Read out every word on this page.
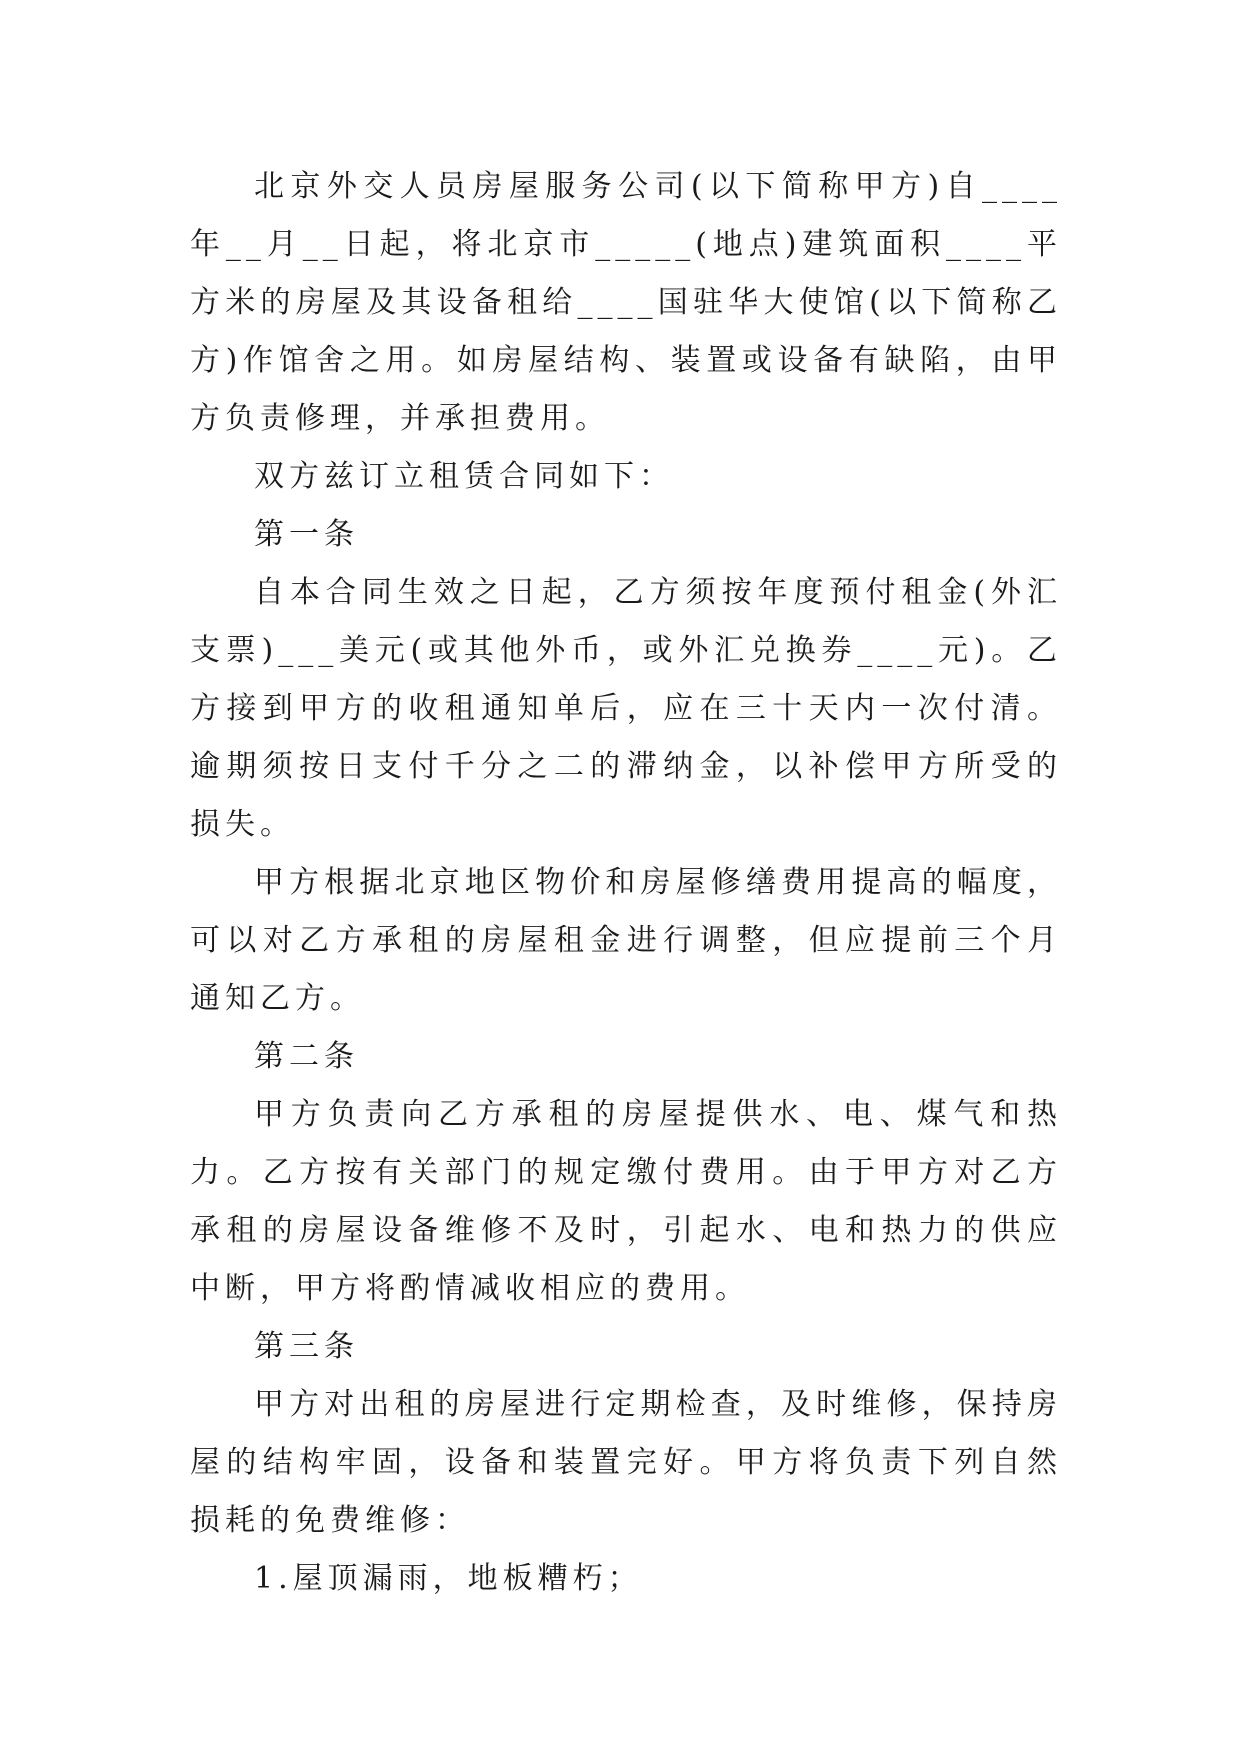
北京外交人员房屋服务公司(以下简称甲方)自____年__月__日起，将北京市_____(地点)建筑面积____平方米的房屋及其设备租给____国驻华大使馆(以下简称乙方)作馆舍之用。如房屋结构、装置或设备有缺陷，由甲方负责修理，并承担费用。

双方兹订立租赁合同如下：

第一条

自本合同生效之日起，乙方须按年度预付租金(外汇支票)___美元(或其他外币，或外汇兑换券____元)。乙方接到甲方的收租通知单后，应在三十天内一次付清。逾期须按日支付千分之二的滞纳金，以补偿甲方所受的损失。

甲方根据北京地区物价和房屋修缮费用提高的幅度，可以对乙方承租的房屋租金进行调整，但应提前三个月通知乙方。

第二条

甲方负责向乙方承租的房屋提供水、电、煤气和热力。乙方按有关部门的规定缴付费用。由于甲方对乙方承租的房屋设备维修不及时，引起水、电和热力的供应中断，甲方将酌情减收相应的费用。

第三条

甲方对出租的房屋进行定期检查，及时维修，保持房屋的结构牢固，设备和装置完好。甲方将负责下列自然损耗的免费维修：

1.屋顶漏雨，地板糟朽；
